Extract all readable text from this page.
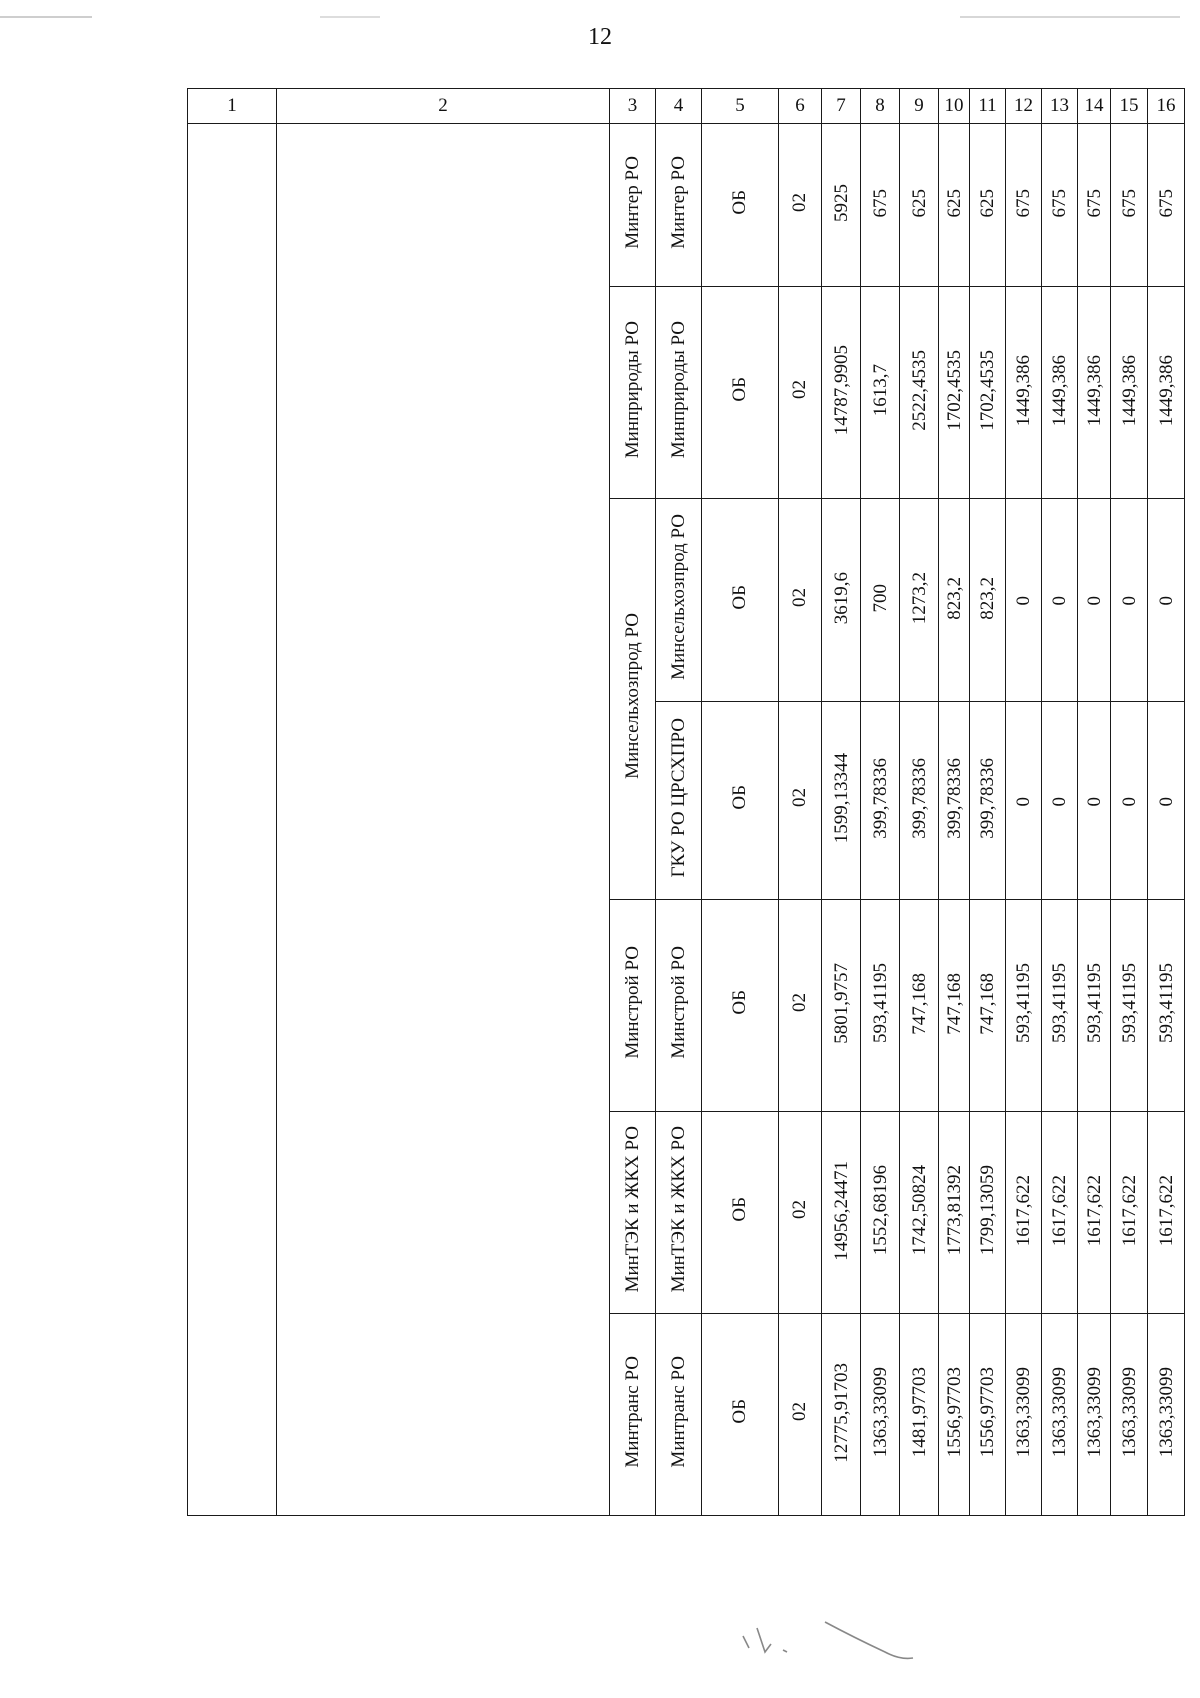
12
1	2	3	4	5	6	7	8	9	10	11	12	13	14	15	16
		Минтер РО	Минтер РО	ОБ	02	5925	675	625	625	625	675	675	675	675	675
		Минприроды РО	Минприроды РО	ОБ	02	14787,9905	1613,7	2522,4535	1702,4535	1702,4535	1449,386	1449,386	1449,386	1449,386	1449,386
		Минсельхозпрод РО	Минсельхозпрод РО	ОБ	02	3619,6	700	1273,2	823,2	823,2	0	0	0	0	0
			ГКУ РО ЦРСХПРО	ОБ	02	1599,13344	399,78336	399,78336	399,78336	399,78336	0	0	0	0	0
		Минстрой РО	Минстрой РО	ОБ	02	5801,9757	593,41195	747,168	747,168	747,168	593,41195	593,41195	593,41195	593,41195	593,41195
		МинТЭК и ЖКХ РО	МинТЭК и ЖКХ РО	ОБ	02	14956,24471	1552,68196	1742,50824	1773,81392	1799,13059	1617,622	1617,622	1617,622	1617,622	1617,622
		Минтранс РО	Минтранс РО	ОБ	02	12775,91703	1363,33099	1481,97703	1556,97703	1556,97703	1363,33099	1363,33099	1363,33099	1363,33099	1363,33099
